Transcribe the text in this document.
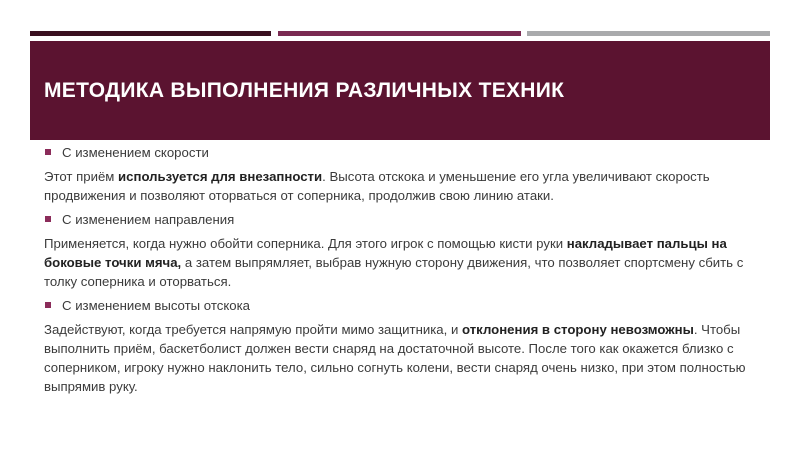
МЕТОДИКА ВЫПОЛНЕНИЯ РАЗЛИЧНЫХ ТЕХНИК
С изменением скорости

Этот приём используется для внезапности. Высота отскока и уменьшение его угла увеличивают скорость продвижения и позволяют оторваться от соперника, продолжив свою линию атаки.

С изменением направления

Применяется, когда нужно обойти соперника. Для этого игрок с помощью кисти руки накладывает пальцы на боковые точки мяча, а затем выпрямляет, выбрав нужную сторону движения, что позволяет спортсмену сбить с толку соперника и оторваться.

С изменением высоты отскока

Задействуют, когда требуется напрямую пройти мимо защитника, и отклонения в сторону невозможны. Чтобы выполнить приём, баскетболист должен вести снаряд на достаточной высоте. После того как окажется близко с соперником, игроку нужно наклонить тело, сильно согнуть колени, вести снаряд очень низко, при этом полностью выпрямив руку.
